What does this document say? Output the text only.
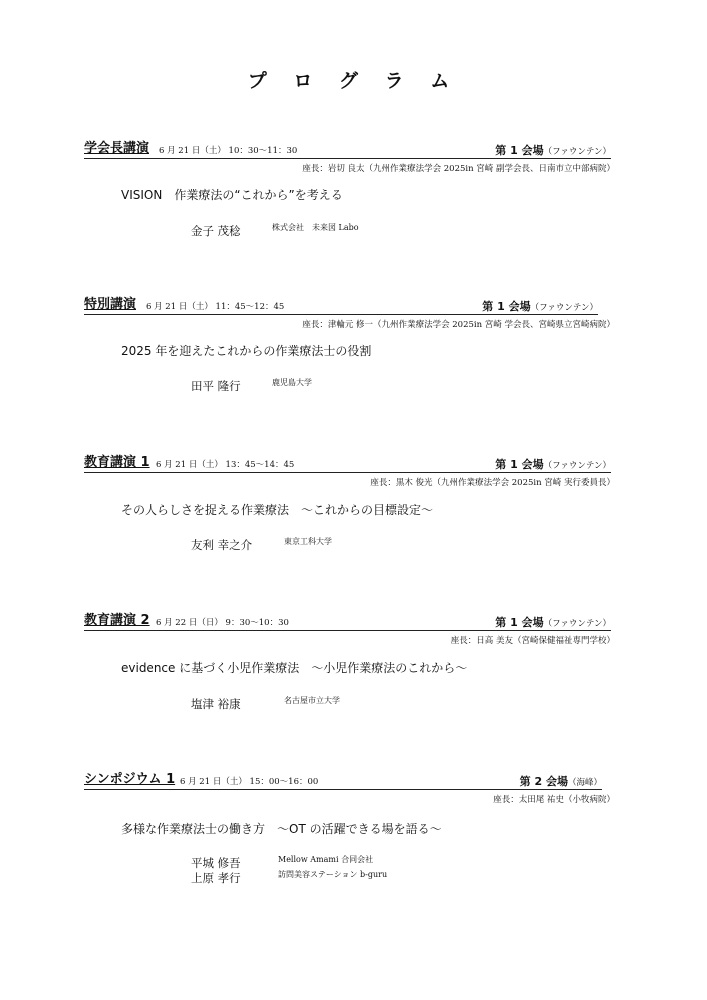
プ ロ グ ラ ム
学会長講演 6 月 21 日（土） 10：30～11：30	第 1 会場（ファウンテン）
座長：岩切 良太（九州作業療法学会 2025in 宮崎 副学会長、日南市立中部病院）
VISION　作業療法の“これから”を考える
金子 茂稔	株式会社　未来図 Labo
特別講演 6 月 21 日（土） 11：45～12：45	第 1 会場（ファウンテン）
座長：津輪元 修一（九州作業療法学会 2025in 宮崎 学会長、宮崎県立宮崎病院）
2025 年を迎えたこれからの作業療法士の役割
田平 隆行	鹿児島大学
教育講演 1 6 月 21 日（土） 13：45～14：45	第 1 会場（ファウンテン）
座長：黒木 俊光（九州作業療法学会 2025in 宮崎 実行委員長）
その人らしさを捉える作業療法　～これからの目標設定～
友利 幸之介	東京工科大学
教育講演 2 6 月 22 日（日） 9：30～10：30	第 1 会場（ファウンテン）
座長：日高 美友（宮崎保健福祉専門学校）
evidence に基づく小児作業療法　～小児作業療法のこれから～
塩津 裕康	名古屋市立大学
シンポジウム 1 6 月 21 日（土） 15：00～16：00	第 2 会場（海峰）
座長：太田尾 祐史（小牧病院）
多様な作業療法士の働き方　～OT の活躍できる場を語る～
平城 修吾	Mellow Amami 合同会社
上原 孝行	訪問美容ステーション b-guru
